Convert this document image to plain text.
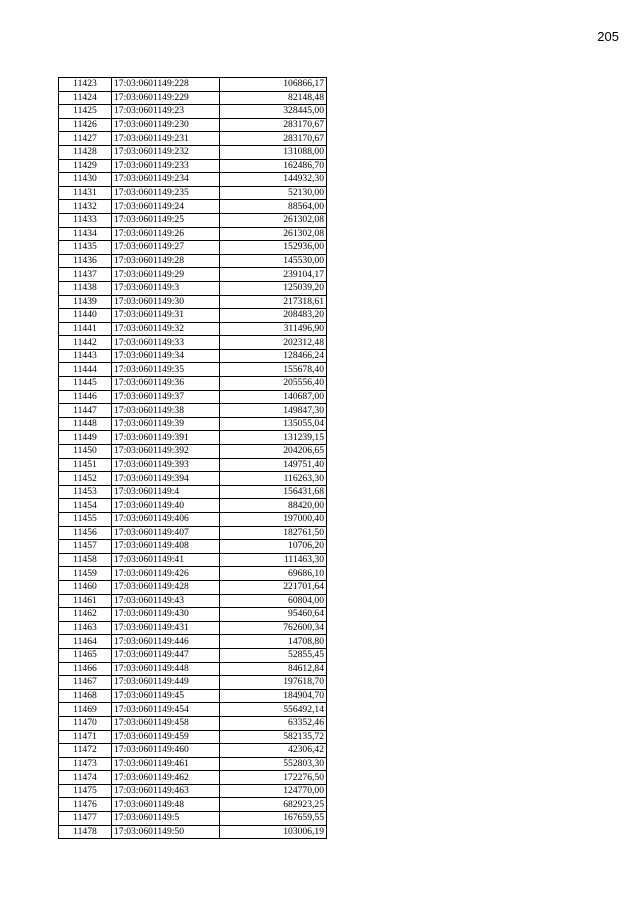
205
11423	17:03:0601149:228	106866,17
11424	17:03:0601149:229	82148,48
11425	17:03:0601149:23	328445,00
11426	17:03:0601149:230	283170,67
11427	17:03:0601149:231	283170,67
11428	17:03:0601149:232	131088,00
11429	17:03:0601149:233	162486,70
11430	17:03:0601149:234	144932,30
11431	17:03:0601149:235	52130,00
11432	17:03:0601149:24	88564,00
11433	17:03:0601149:25	261302,08
11434	17:03:0601149:26	261302,08
11435	17:03:0601149:27	152936,00
11436	17:03:0601149:28	145530,00
11437	17:03:0601149:29	239104,17
11438	17:03:0601149:3	125039,20
11439	17:03:0601149:30	217318,61
11440	17:03:0601149:31	208483,20
11441	17:03:0601149:32	311496,90
11442	17:03:0601149:33	202312,48
11443	17:03:0601149:34	128466,24
11444	17:03:0601149:35	155678,40
11445	17:03:0601149:36	205556,40
11446	17:03:0601149:37	140687,00
11447	17:03:0601149:38	149847,30
11448	17:03:0601149:39	135055,04
11449	17:03:0601149:391	131239,15
11450	17:03:0601149:392	204206,65
11451	17:03:0601149:393	149751,40
11452	17:03:0601149:394	116263,30
11453	17:03:0601149:4	156431,68
11454	17:03:0601149:40	88420,00
11455	17:03:0601149:406	197000,40
11456	17:03:0601149:407	182761,50
11457	17:03:0601149:408	10706,20
11458	17:03:0601149:41	111463,30
11459	17:03:0601149:426	69686,10
11460	17:03:0601149:428	221701,64
11461	17:03:0601149:43	60804,00
11462	17:03:0601149:430	95460,64
11463	17:03:0601149:431	762600,34
11464	17:03:0601149:446	14708,80
11465	17:03:0601149:447	52855,45
11466	17:03:0601149:448	84612,84
11467	17:03:0601149:449	197618,70
11468	17:03:0601149:45	184904,70
11469	17:03:0601149:454	556492,14
11470	17:03:0601149:458	63352,46
11471	17:03:0601149:459	582135,72
11472	17:03:0601149:460	42306,42
11473	17:03:0601149:461	552803,30
11474	17:03:0601149:462	172276,50
11475	17:03:0601149:463	124770,00
11476	17:03:0601149:48	682923,25
11477	17:03:0601149:5	167659,55
11478	17:03:0601149:50	103006,19
